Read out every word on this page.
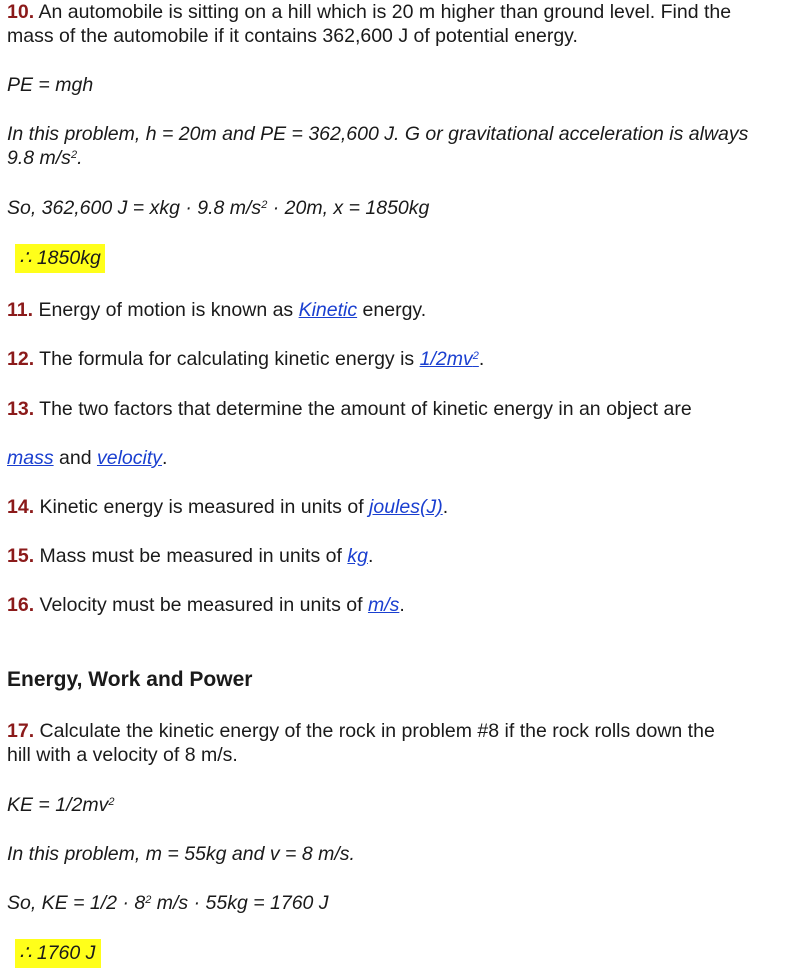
10. An automobile is sitting on a hill which is 20 m higher than ground level. Find the
mass of the automobile if it contains 362,600 J of potential energy.
PE = mgh
In this problem, h = 20m and PE = 362,600 J. G or gravitational acceleration is always
9.8 $m/s^2$.
So, 362,600 J = xkg · 9.8 $m/s^2 \cdot 20m$, x = 1850kg
∴ 1850kg
11. Energy of motion is known as Kinetic energy.
12. The formula for calculating kinetic energy is $1/2mv^2$.
13. The two factors that determine the amount of kinetic energy in an object are
mass and velocity.
14. Kinetic energy is measured in units of joules(J).
15. Mass must be measured in units of kg.
16. Velocity must be measured in units of m/s.
Energy, Work and Power
17. Calculate the kinetic energy of the rock in problem #8 if the rock rolls down the
hill with a velocity of 8 m/s.
KE = $1/2mv^2$
In this problem, m = 55kg and v = 8 m/s.
So, KE = $1/2 \cdot 8^2$ m/s · 55kg = 1760 J
∴ 1760 J
